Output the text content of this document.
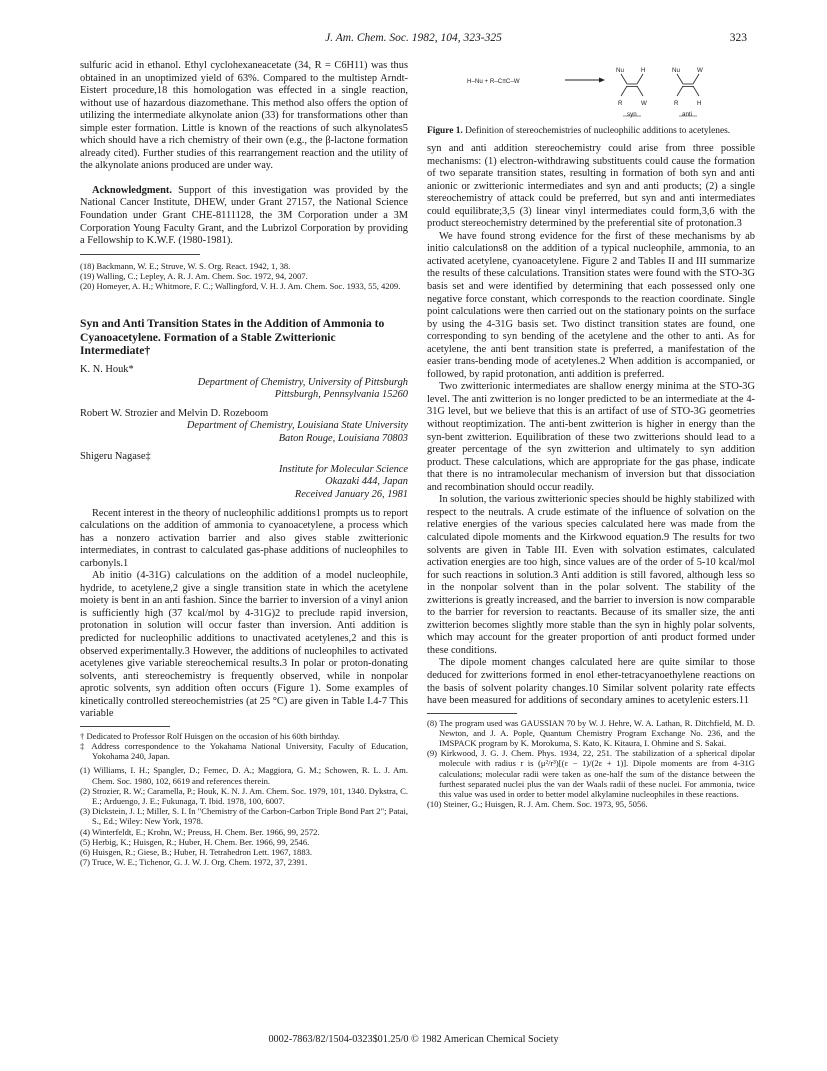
J. Am. Chem. Soc. 1982, 104, 323-325	323

sulfuric acid in ethanol. Ethyl cyclohexaneacetate (34, R = C6H11) was thus obtained in an unoptimized yield of 63%. Compared to the multistep Arndt-Eistert procedure,18 this homologation was effected in a single reaction, without use of hazardous diazomethane. This method also offers the option of utilizing the intermediate alkynolate anion (33) for transformations other than simple ester formation. Little is known of the reactions of such alkynolates5 which should have a rich chemistry of their own (e.g., the β-lactone formation already cited). Further studies of this rearrangement reaction and the utility of the alkynolate anions produced are under way.

Acknowledgment. Support of this investigation was provided by the National Cancer Institute, DHEW, under Grant 27157, the National Science Foundation under Grant CHE-8111128, the 3M Corporation under a 3M Corporation Young Faculty Grant, and the Lubrizol Corporation by providing a Fellowship to K.W.F. (1980-1981).

(18) Backmann, W. E.; Struve, W. S. Org. React. 1942, 1, 38.
(19) Walling, C.; Lepley, A. R. J. Am. Chem. Soc. 1972, 94, 2007.
(20) Homeyer, A. H.; Whitmore, F. C.; Wallingford, V. H. J. Am. Chem. Soc. 1933, 55, 4209.
Syn and Anti Transition States in the Addition of Ammonia to Cyanoacetylene. Formation of a Stable Zwitterionic Intermediate†
K. N. Houk*
Department of Chemistry, University of Pittsburgh
Pittsburgh, Pennsylvania 15260
Robert W. Strozier and Melvin D. Rozeboom
Department of Chemistry, Louisiana State University
Baton Rouge, Louisiana 70803
Shigeru Nagase‡
Institute for Molecular Science
Okazaki 444, Japan
Received January 26, 1981

Recent interest in the theory of nucleophilic additions1 prompts us to report calculations on the addition of ammonia to cyanoacetylene, a process which has a nonzero activation barrier and also gives stable zwitterionic intermediates, in contrast to calculated gas-phase additions of nucleophiles to carbonyls.1

Ab initio (4-31G) calculations on the addition of a model nucleophile, hydride, to acetylene,2 give a single transition state in which the acetylene moiety is bent in an anti fashion. Since the barrier to inversion of a vinyl anion is sufficiently high (37 kcal/mol by 4-31G)2 to preclude rapid inversion, protonation in solution will occur faster than inversion. Anti addition is predicted for nucleophilic additions to unactivated acetylenes,2 and this is observed experimentally.3 However, the additions of nucleophiles to activated acetylenes give variable stereochemical results.3 In polar or proton-donating solvents, anti stereochemistry is frequently observed, while in nonpolar aprotic solvents, syn addition often occurs (Figure 1). Some examples of kinetically controlled stereochemistries (at 25 °C) are given in Table I.4-7 This variable

† Dedicated to Professor Rolf Huisgen on the occasion of his 60th birthday.
‡ Address correspondence to the Yokahama National University, Faculty of Education, Yokohama 240, Japan.
(1) Williams, I. H.; Spangler, D.; Femec, D. A.; Maggiora, G. M.; Schowen, R. L. J. Am. Chem. Soc. 1980, 102, 6619 and references therein.
(2) Strozier, R. W.; Caramella, P.; Houk, K. N. J. Am. Chem. Soc. 1979, 101, 1340. Dykstra, C. E.; Arduengo, J. E.; Fukunaga, T. Ibid. 1978, 100, 6007.
(3) Dickstein, J. I.; Miller, S. I. In "Chemistry of the Carbon-Carbon Triple Bond Part 2"; Patai, S., Ed.; Wiley: New York, 1978.
(4) Winterfeldt, E.; Krohn, W.; Preuss, H. Chem. Ber. 1966, 99, 2572.
(5) Herbig, K.; Huisgen, R.; Huber, H. Chem. Ber. 1966, 99, 2546.
(6) Huisgen, R.; Giese, B.; Huber, H. Tetrahedron Lett. 1967, 1883.
(7) Truce, W. E.; Tichenor, G. J. W. J. Org. Chem. 1972, 37, 2391.
H–Nu + R–C≡C–W
Nu	H
R	W
syn
Nu	W
R	H
anti
Figure 1. Definition of stereochemistries of nucleophilic additions to acetylenes.

syn and anti addition stereochemistry could arise from three possible mechanisms: (1) electron-withdrawing substituents could cause the formation of two separate transition states, resulting in formation of both syn and anti anionic or zwitterionic intermediates and syn and anti products; (2) a single stereochemistry of attack could be preferred, but syn and anti intermediates could equilibrate;3,5 (3) linear vinyl intermediates could form,3,6 with the product stereochemistry determined by the preferential site of protonation.3

We have found strong evidence for the first of these mechanisms by ab initio calculations8 on the addition of a typical nucleophile, ammonia, to an activated acetylene, cyanoacetylene. Figure 2 and Tables II and III summarize the results of these calculations. Transition states were found with the STO-3G basis set and were identified by determining that each possessed only one negative force constant, which corresponds to the reaction coordinate. Single point calculations were then carried out on the stationary points on the surface by using the 4-31G basis set. Two distinct transition states are found, one corresponding to syn bending of the acetylene and the other to anti. As for acetylene, the anti bent transition state is preferred, a manifestation of the easier trans-bending mode of acetylenes.2 When addition is accompanied, or followed, by rapid protonation, anti addition is preferred.

Two zwitterionic intermediates are shallow energy minima at the STO-3G level. The anti zwitterion is no longer predicted to be an intermediate at the 4-31G level, but we believe that this is an artifact of use of STO-3G geometries without reoptimization. The anti-bent zwitterion is higher in energy than the syn-bent zwitterion. Equilibration of these two zwitterions should lead to a greater percentage of the syn zwitterion and ultimately to syn addition product. These calculations, which are appropriate for the gas phase, indicate that there is no intramolecular mechanism of inversion but that dissociation and recombination should occur readily.

In solution, the various zwitterionic species should be highly stabilized with respect to the neutrals. A crude estimate of the influence of solvation on the relative energies of the various species calculated here was made from the calculated dipole moments and the Kirkwood equation.9 The results for two solvents are given in Table III. Even with solvation estimates, calculated activation energies are too high, since values are of the order of 5-10 kcal/mol for such reactions in solution.3 Anti addition is still favored, although less so in the nonpolar solvent than in the polar solvent. The stability of the zwitterions is greatly increased, and the barrier to inversion is now comparable to the barrier for reversion to reactants. Because of its smaller size, the anti zwitterion becomes slightly more stable than the syn in highly polar solvents, which may account for the greater proportion of anti product formed under these conditions.

The dipole moment changes calculated here are quite similar to those deduced for zwitterions formed in enol ether-tetracyanoethylene reactions on the basis of solvent polarity changes.10 Similar solvent polarity rate effects have been measured for additions of secondary amines to acetylenic esters.11

(8) The program used was GAUSSIAN 70 by W. J. Hehre, W. A. Lathan, R. Ditchfield, M. D. Newton, and J. A. Pople, Quantum Chemistry Program Exchange No. 236, and the IMSPACK program by K. Morokuma, S. Kato, K. Kitaura, I. Ohmine and S. Sakai.
(9) Kirkwood, J. G. J. Chem. Phys. 1934, 22, 251. The stabilization of a spherical dipolar molecule with radius r is (μ²/r³)[(ε − 1)/(2ε + 1)]. Dipole moments are from 4-31G calculations; molecular radii were taken as one-half the sum of the distance between the furthest separated nuclei plus the van der Waals radii of these nuclei. For ammonia, twice this value was used in order to better model alkylamine nucleophiles in these reactions.
(10) Steiner, G.; Huisgen, R. J. Am. Chem. Soc. 1973, 95, 5056.
0002-7863/82/1504-0323$01.25/0 © 1982 American Chemical Society
